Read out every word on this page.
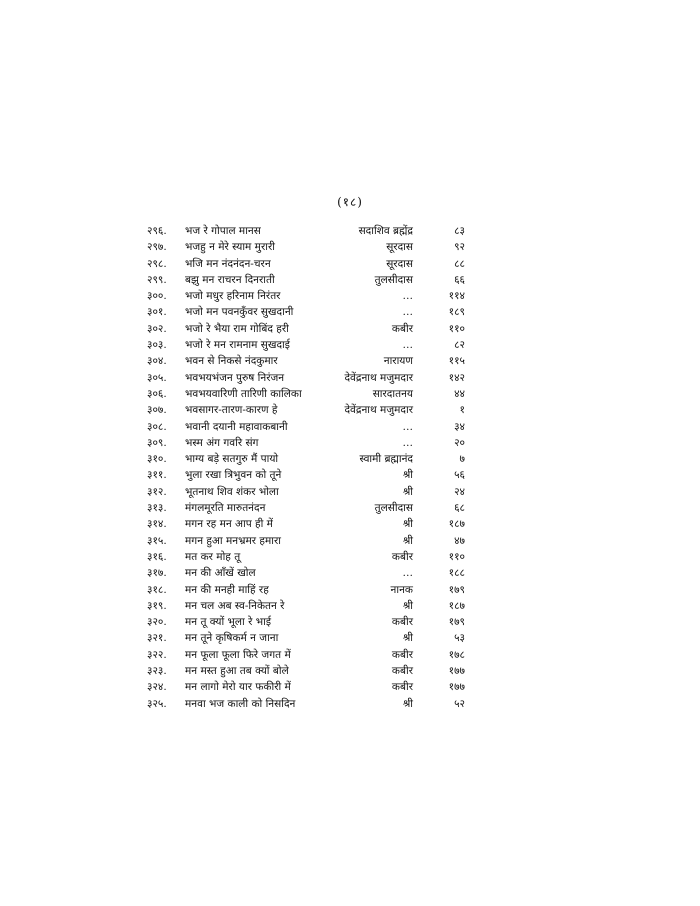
(१८)
२९६.	भज रे गोपाल मानस	सदाशिव ब्रह्मेंद्र	८३
२९७.	भजहु न मेरे स्याम मुरारी	सूरदास	९२
२९८.	भजि मन नंदनंदन-चरन	सूरदास	८८
२९९.	बझु मन राचरन दिनराती	तुलसीदास	६६
३००.	भजो मधुर हरिनाम निरंतर	…	११४
३०१.	भजो मन पवनकुँवर सुखदानी	…	१८९
३०२.	भजो रे भैया राम गोबिंद हरी	कबीर	११०
३०३.	भजो रे मन रामनाम सुखदाई	…	८२
३०४.	भवन से निकसे नंदकुमार	नारायण	११५
३०५.	भवभयभंजन पुरुष निरंजन	देवेंद्रनाथ मजुमदार	१४२
३०६.	भवभयवारिणी तारिणी कालिका	सारदातनय	४४
३०७.	भवसागर-तारण-कारण हे	देवेंद्रनाथ मजुमदार	१
३०८.	भवानी दयानी महावाकबानी	…	३४
३०९.	भस्म अंग गवरि संग	…	२०
३१०.	भाग्य बड़े सतगुरु मैं पायो	स्वामी ब्रह्मानंद	७
३११.	भुला रखा त्रिभुवन को तूने	श्री	५६
३१२.	भूतनाथ शिव शंकर भोला	श्री	२४
३१३.	मंगलमूरति मारुतनंदन	तुलसीदास	६८
३१४.	मगन रह मन आप ही में	श्री	१८७
३१५.	मगन हुआ मनभ्रमर हमारा	श्री	४७
३१६.	मत कर मोह तू	कबीर	११०
३१७.	मन की आँखें खोल	…	१८८
३१८.	मन की मनही माहिं रह	नानक	१७९
३१९.	मन चल अब स्व-निकेतन रे	श्री	१८७
३२०.	मन तू क्यों भूला रे भाई	कबीर	१७९
३२१.	मन तूने कृषिकर्म न जाना	श्री	५३
३२२.	मन फूला फूला फिरे जगत में	कबीर	१७८
३२३.	मन मस्त हुआ तब क्यों बोले	कबीर	१७७
३२४.	मन लागो मेरो यार फकीरी में	कबीर	१७७
३२५.	मनवा भज काली को निसदिन	श्री	५२
